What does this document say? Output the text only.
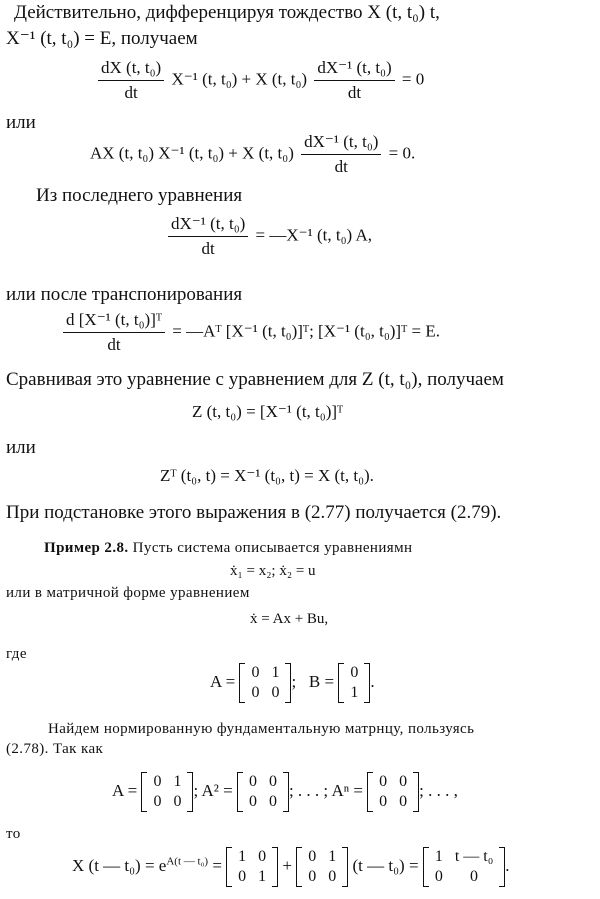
Действительно, дифференцируя тождество X (t, t₀) t,
X⁻¹ (t, t₀) = E, получаем
$\frac{\text{dX (t, t₀)}}{dt} X^{-1}$ (t, t₀) + X (t, $t_0) \frac{\text{dX⁻¹ (t, t₀)}}{dt} = 0$
или
AX (t, t₀) X⁻¹ (t, t₀) + X (t, $t_0) \frac{\text{dX⁻¹ (t, t₀)}}{dt} = 0$.
Из последнего уравнения
$\frac{\text{dX⁻¹ (t, t₀)}}{dt}$ = —X⁻¹ (t, t₀) A,
или после транспонирования
$\frac{\text{d [X⁻¹ (t, t₀)]ᵀ}}{dt}$ = —Aᵀ [X⁻¹ (t, t₀)]ᵀ; [X⁻¹ (t₀, t₀)]ᵀ = E.
Сравнивая это уравнение с уравнением для Z (t, t₀), получаем
Z (t, t₀) = [X⁻¹ (t, t₀)]ᵀ
или
Zᵀ (t₀, t) = X⁻¹ (t₀, t) = X (t, t₀).
При подстановке этого выражения в (2.77) получается (2.79).
Пример 2.8. Пусть система описывается уравнениямн
ẋ₁ = x₂; ẋ₂ = u
или в матричной форме уравнением
ẋ = Ax + Bu,
где
A = 0	1
0	0
; B = 0
1
.
Найдем нормированную фундаментальную матрнцу, пользуясь
(2.78). Так как
A = 0	1
0	0
; A² = 0	0
0	0
; . . . ; Aⁿ = 0	0
0	0
; . . . ,
то
X (t — $t_0) = e^{A(t — t_0)} = 1$	0
0	1
+ 0	1
0	0
(t — t₀) = 1	t — t₀
0	0
.
